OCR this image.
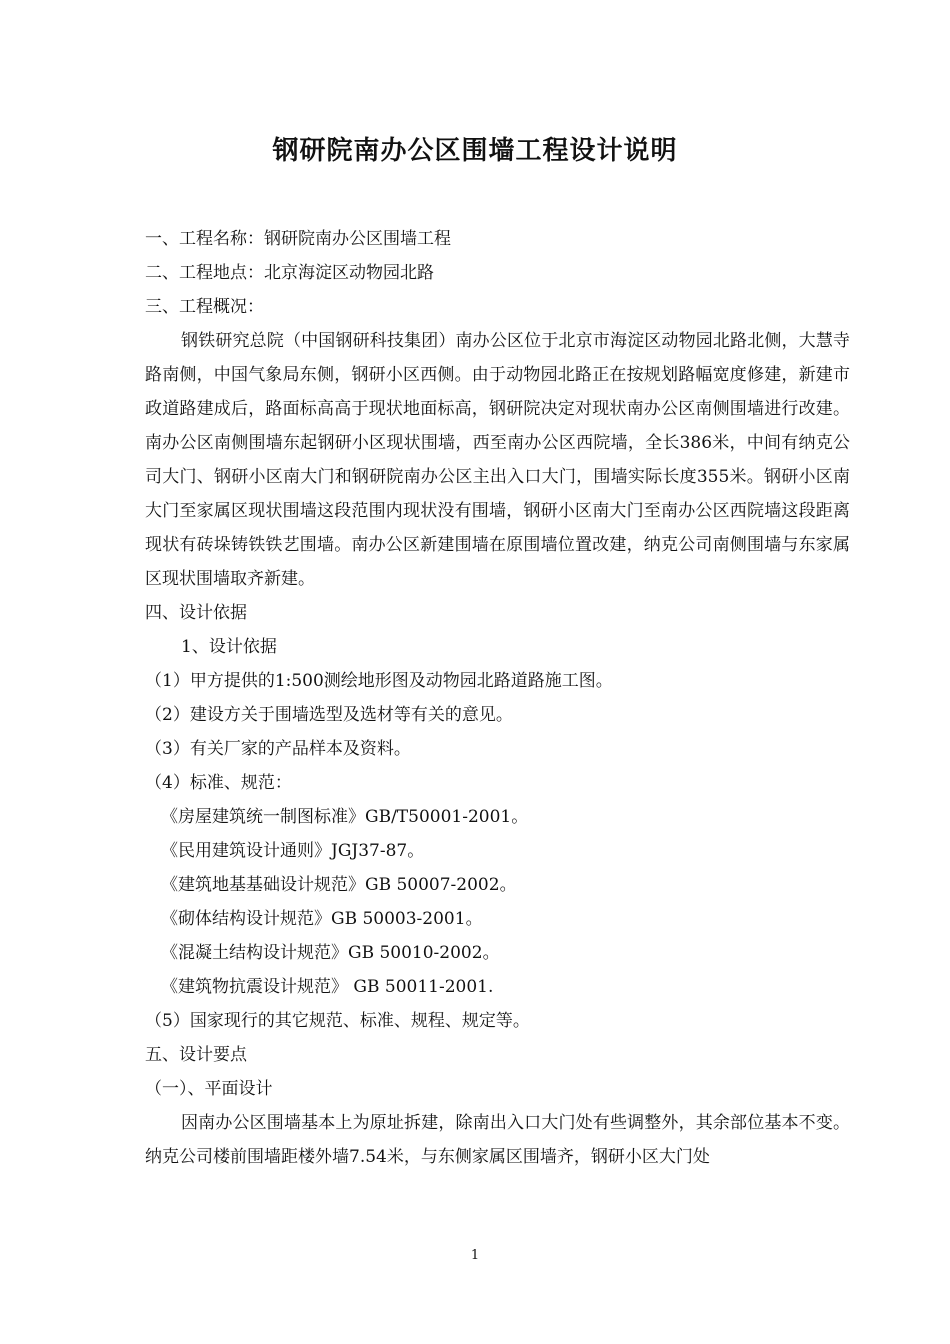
钢研院南办公区围墙工程设计说明

一、工程名称：钢研院南办公区围墙工程

二、工程地点：北京海淀区动物园北路

三、工程概况：

钢铁研究总院（中国钢研科技集团）南办公区位于北京市海淀区动物园北路北侧，大慧寺路南侧，中国气象局东侧，钢研小区西侧。由于动物园北路正在按规划路幅宽度修建，新建市政道路建成后，路面标高高于现状地面标高，钢研院决定对现状南办公区南侧围墙进行改建。南办公区南侧围墙东起钢研小区现状围墙，西至南办公区西院墙，全长386米，中间有纳克公司大门、钢研小区南大门和钢研院南办公区主出入口大门，围墙实际长度355米。钢研小区南大门至家属区现状围墙这段范围内现状没有围墙，钢研小区南大门至南办公区西院墙这段距离现状有砖垛铸铁铁艺围墙。南办公区新建围墙在原围墙位置改建，纳克公司南侧围墙与东家属区现状围墙取齐新建。

四、设计依据

1、设计依据

（1）甲方提供的1:500测绘地形图及动物园北路道路施工图。

（2）建设方关于围墙选型及选材等有关的意见。

（3）有关厂家的产品样本及资料。

（4）标准、规范：

《房屋建筑统一制图标准》GB/T50001-2001。

《民用建筑设计通则》JGJ37-87。

《建筑地基基础设计规范》GB 50007-2002。

《砌体结构设计规范》GB 50003-2001。

《混凝土结构设计规范》GB 50010-2002。

《建筑物抗震设计规范》 GB 50011-2001.

（5）国家现行的其它规范、标准、规程、规定等。

五、设计要点

（一）、平面设计

因南办公区围墙基本上为原址拆建，除南出入口大门处有些调整外，其余部位基本不变。纳克公司楼前围墙距楼外墙7.54米，与东侧家属区围墙齐，钢研小区大门处

1
